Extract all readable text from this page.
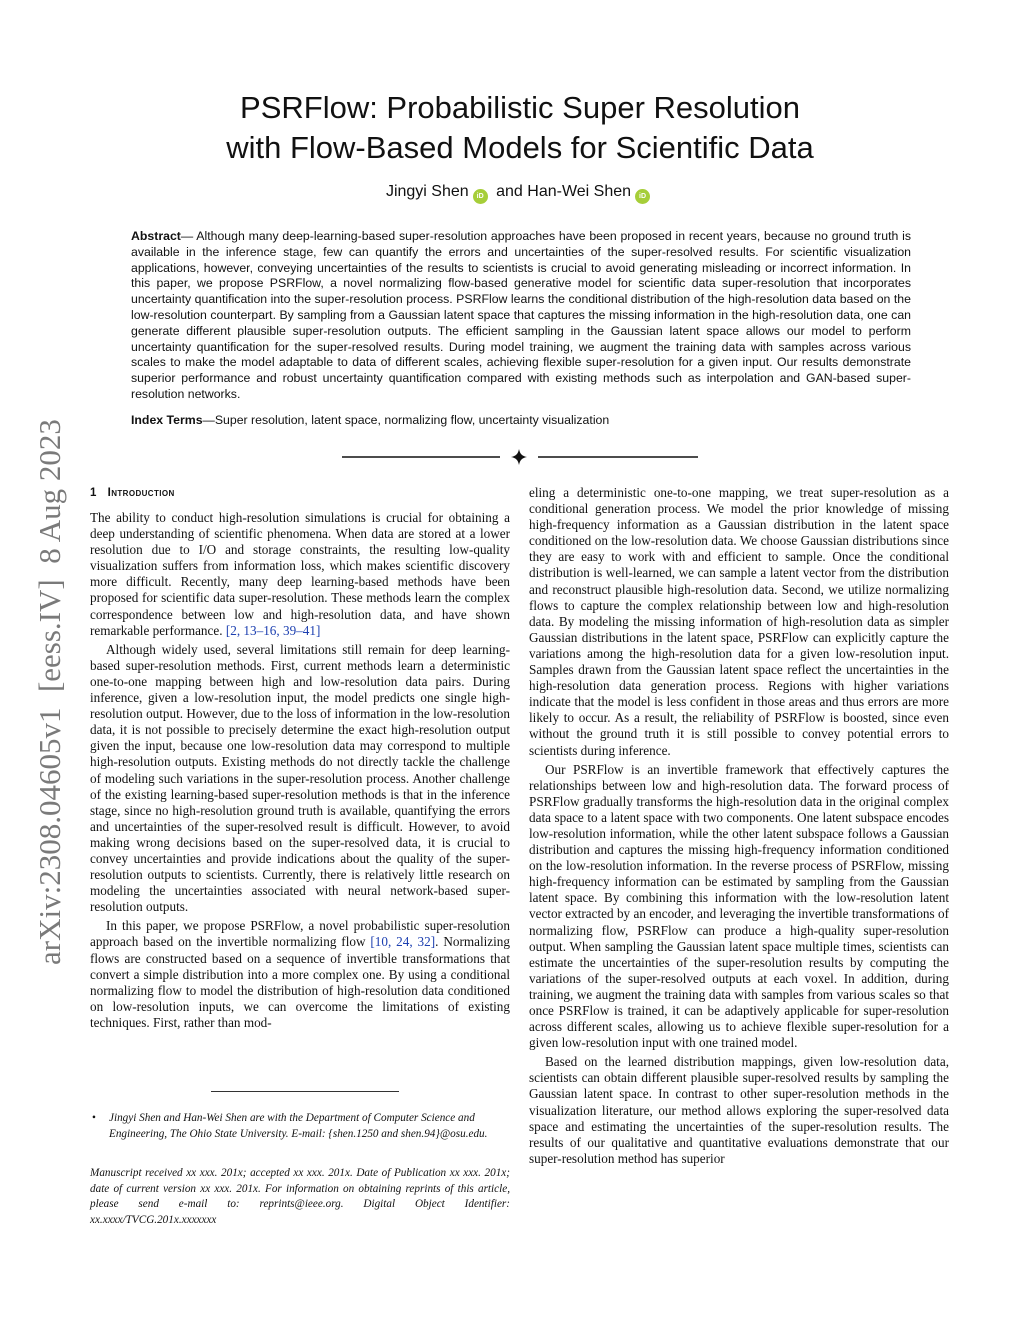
arXiv:2308.04605v1  [eess.IV]  8 Aug 2023
PSRFlow: Probabilistic Super Resolution
with Flow-Based Models for Scientific Data
Jingyi Shen iD and Han-Wei Shen iD
Abstract— Although many deep-learning-based super-resolution approaches have been proposed in recent years, because no ground truth is available in the inference stage, few can quantify the errors and uncertainties of the super-resolved results. For scientific visualization applications, however, conveying uncertainties of the results to scientists is crucial to avoid generating misleading or incorrect information. In this paper, we propose PSRFlow, a novel normalizing flow-based generative model for scientific data super-resolution that incorporates uncertainty quantification into the super-resolution process. PSRFlow learns the conditional distribution of the high-resolution data based on the low-resolution counterpart. By sampling from a Gaussian latent space that captures the missing information in the high-resolution data, one can generate different plausible super-resolution outputs. The efficient sampling in the Gaussian latent space allows our model to perform uncertainty quantification for the super-resolved results. During model training, we augment the training data with samples across various scales to make the model adaptable to data of different scales, achieving flexible super-resolution for a given input. Our results demonstrate superior performance and robust uncertainty quantification compared with existing methods such as interpolation and GAN-based super-resolution networks.
Index Terms—Super resolution, latent space, normalizing flow, uncertainty visualization
1 Introduction

The ability to conduct high-resolution simulations is crucial for obtaining a deep understanding of scientific phenomena. When data are stored at a lower resolution due to I/O and storage constraints, the resulting low-quality visualization suffers from information loss, which makes scientific discovery more difficult. Recently, many deep learning-based methods have been proposed for scientific data super-resolution. These methods learn the complex correspondence between low and high-resolution data, and have shown remarkable performance. [2, 13–16, 39–41]

Although widely used, several limitations still remain for deep learning-based super-resolution methods. First, current methods learn a deterministic one-to-one mapping between high and low-resolution data pairs. During inference, given a low-resolution input, the model predicts one single high-resolution output. However, due to the loss of information in the low-resolution data, it is not possible to precisely determine the exact high-resolution output given the input, because one low-resolution data may correspond to multiple high-resolution outputs. Existing methods do not directly tackle the challenge of modeling such variations in the super-resolution process. Another challenge of the existing learning-based super-resolution methods is that in the inference stage, since no high-resolution ground truth is available, quantifying the errors and uncertainties of the super-resolved result is difficult. However, to avoid making wrong decisions based on the super-resolved data, it is crucial to convey uncertainties and provide indications about the quality of the super-resolution outputs to scientists. Currently, there is relatively little research on modeling the uncertainties associated with neural network-based super-resolution outputs.

In this paper, we propose PSRFlow, a novel probabilistic super-resolution approach based on the invertible normalizing flow [10, 24, 32]. Normalizing flows are constructed based on a sequence of invertible transformations that convert a simple distribution into a more complex one. By using a conditional normalizing flow to model the distribution of high-resolution data conditioned on low-resolution inputs, we can overcome the limitations of existing techniques. First, rather than mod-

eling a deterministic one-to-one mapping, we treat super-resolution as a conditional generation process. We model the prior knowledge of missing high-frequency information as a Gaussian distribution in the latent space conditioned on the low-resolution data. We choose Gaussian distributions since they are easy to work with and efficient to sample. Once the conditional distribution is well-learned, we can sample a latent vector from the distribution and reconstruct plausible high-resolution data. Second, we utilize normalizing flows to capture the complex relationship between low and high-resolution data. By modeling the missing information of high-resolution data as simpler Gaussian distributions in the latent space, PSRFlow can explicitly capture the variations among the high-resolution data for a given low-resolution input. Samples drawn from the Gaussian latent space reflect the uncertainties in the high-resolution data generation process. Regions with higher variations indicate that the model is less confident in those areas and thus errors are more likely to occur. As a result, the reliability of PSRFlow is boosted, since even without the ground truth it is still possible to convey potential errors to scientists during inference.

Our PSRFlow is an invertible framework that effectively captures the relationships between low and high-resolution data. The forward process of PSRFlow gradually transforms the high-resolution data in the original complex data space to a latent space with two components. One latent subspace encodes low-resolution information, while the other latent subspace follows a Gaussian distribution and captures the missing high-frequency information conditioned on the low-resolution information. In the reverse process of PSRFlow, missing high-frequency information can be estimated by sampling from the Gaussian latent space. By combining this information with the low-resolution latent vector extracted by an encoder, and leveraging the invertible transformations of normalizing flow, PSRFlow can produce a high-quality super-resolution output. When sampling the Gaussian latent space multiple times, scientists can estimate the uncertainties of the super-resolution results by computing the variations of the super-resolved outputs at each voxel. In addition, during training, we augment the training data with samples from various scales so that once PSRFlow is trained, it can be adaptively applicable for super-resolution across different scales, allowing us to achieve flexible super-resolution for a given low-resolution input with one trained model.

Based on the learned distribution mappings, given low-resolution data, scientists can obtain different plausible super-resolved results by sampling the Gaussian latent space. In contrast to other super-resolution methods in the visualization literature, our method allows exploring the super-resolved data space and estimating the uncertainties of the super-resolution results. The results of our qualitative and quantitative evaluations demonstrate that our super-resolution method has superior

• Jingyi Shen and Han-Wei Shen are with the Department of Computer Science and Engineering, The Ohio State University. E-mail: {shen.1250 and shen.94}@osu.edu.
Manuscript received xx xxx. 201x; accepted xx xxx. 201x. Date of Publication xx xxx. 201x; date of current version xx xxx. 201x. For information on obtaining reprints of this article, please send e-mail to: reprints@ieee.org. Digital Object Identifier: xx.xxxx/TVCG.201x.xxxxxxx
